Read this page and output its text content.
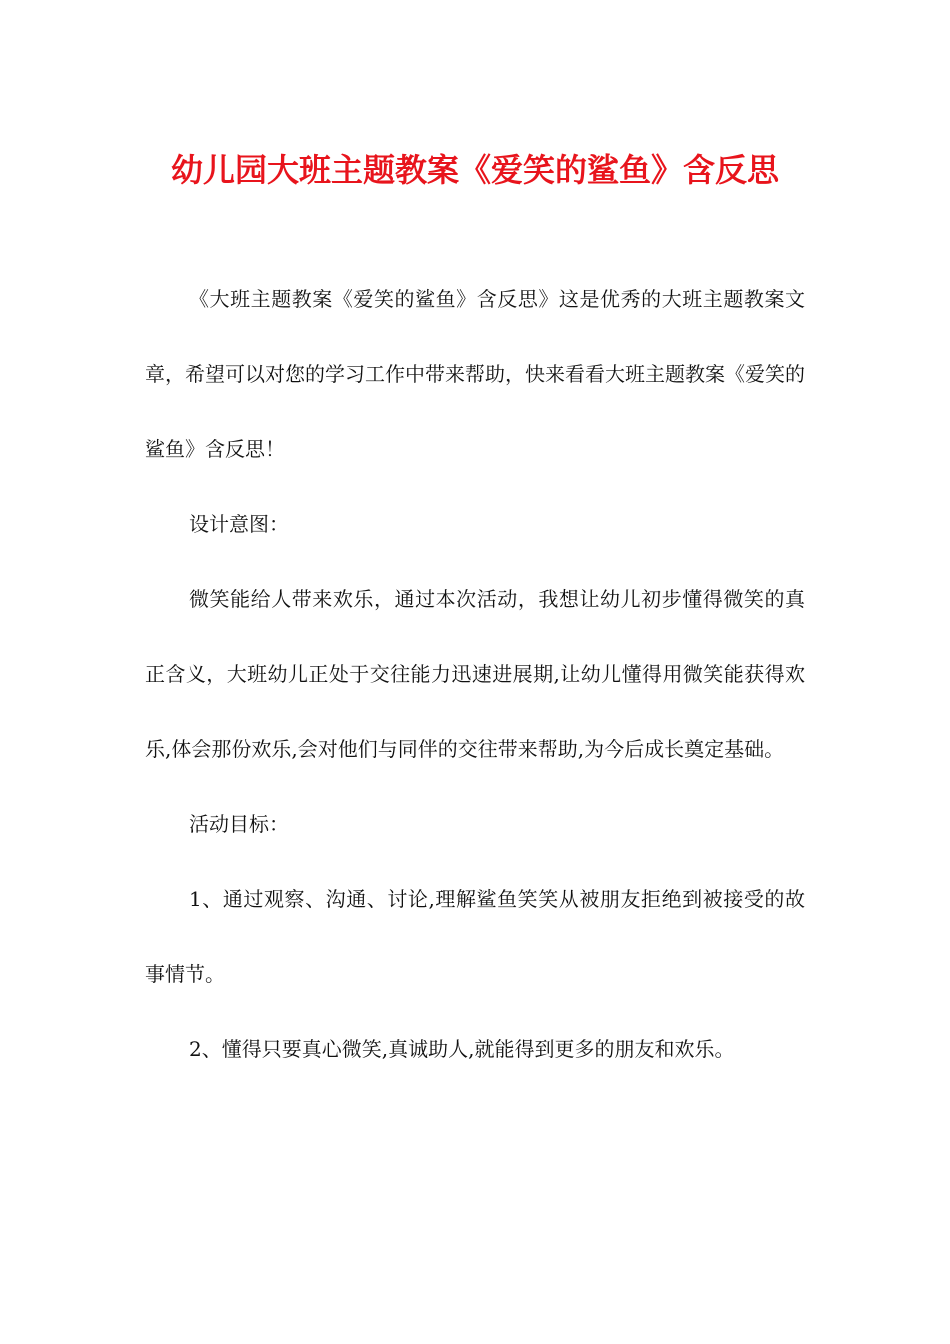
幼儿园大班主题教案《爱笑的鲨鱼》含反思

《大班主题教案《爱笑的鲨鱼》含反思》这是优秀的大班主题教案文章，希望可以对您的学习工作中带来帮助，快来看看大班主题教案《爱笑的鲨鱼》含反思！

设计意图：

微笑能给人带来欢乐，通过本次活动，我想让幼儿初步懂得微笑的真正含义，大班幼儿正处于交往能力迅速进展期,让幼儿懂得用微笑能获得欢乐,体会那份欢乐,会对他们与同伴的交往带来帮助,为今后成长奠定基础。

活动目标：

1、通过观察、沟通、讨论,理解鲨鱼笑笑从被朋友拒绝到被接受的故事情节。

2、懂得只要真心微笑,真诚助人,就能得到更多的朋友和欢乐。
